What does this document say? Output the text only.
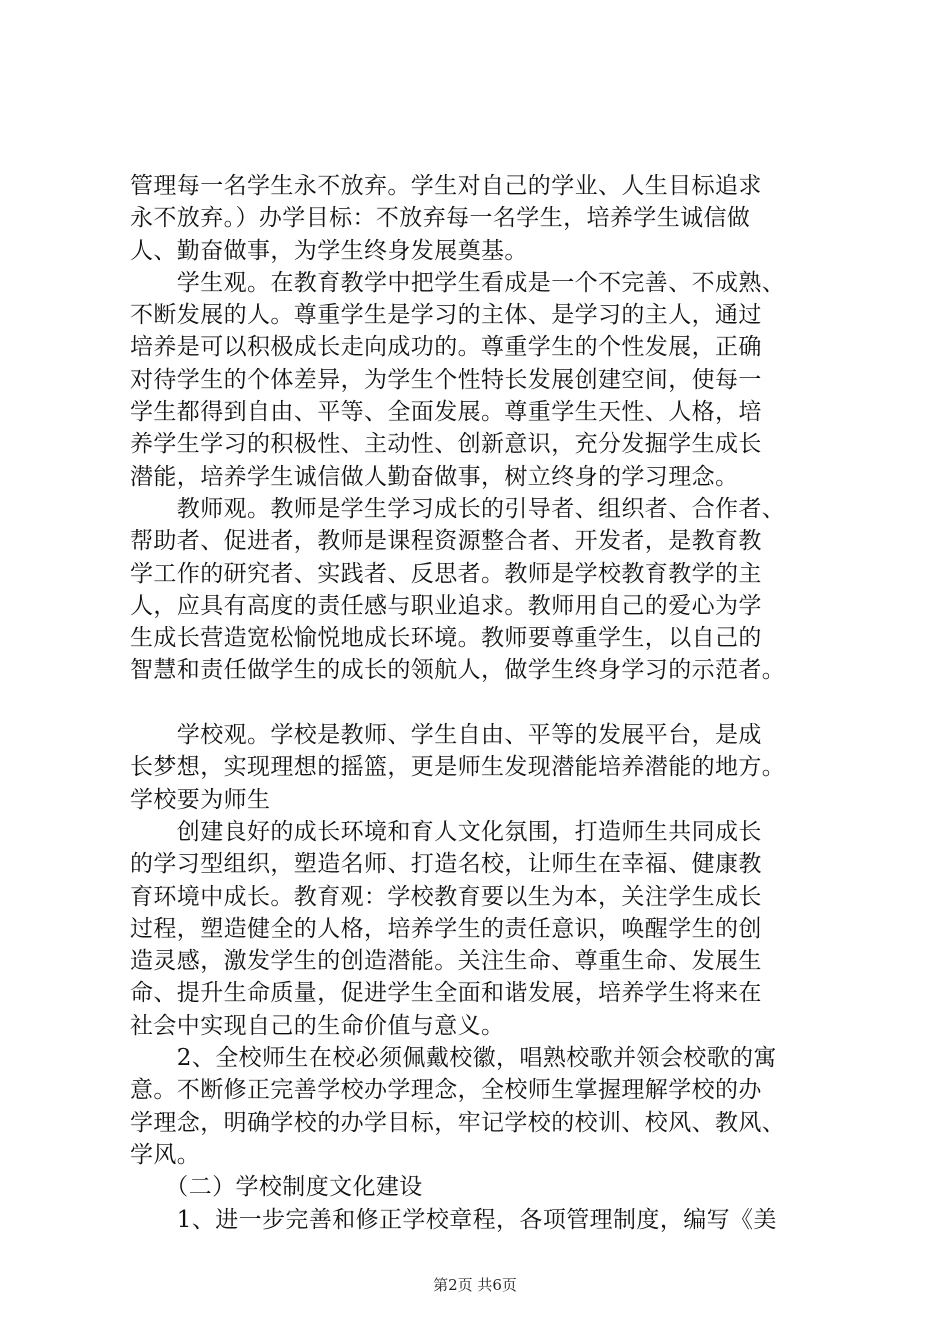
管理每一名学生永不放弃。学生对自己的学业、人生目标追求
永不放弃。）办学目标：不放弃每一名学生，培养学生诚信做
人、勤奋做事，为学生终身发展奠基。
　　学生观。在教育教学中把学生看成是一个不完善、不成熟、
不断发展的人。尊重学生是学习的主体、是学习的主人，通过
培养是可以积极成长走向成功的。尊重学生的个性发展，正确
对待学生的个体差异，为学生个性特长发展创建空间，使每一
学生都得到自由、平等、全面发展。尊重学生天性、人格，培
养学生学习的积极性、主动性、创新意识，充分发掘学生成长
潜能，培养学生诚信做人勤奋做事，树立终身的学习理念。
　　教师观。教师是学生学习成长的引导者、组织者、合作者、
帮助者、促进者，教师是课程资源整合者、开发者，是教育教
学工作的研究者、实践者、反思者。教师是学校教育教学的主
人，应具有高度的责任感与职业追求。教师用自己的爱心为学
生成长营造宽松愉悦地成长环境。教师要尊重学生，以自己的
智慧和责任做学生的成长的领航人，做学生终身学习的示范者。
　　学校观。学校是教师、学生自由、平等的发展平台，是成
长梦想，实现理想的摇篮，更是师生发现潜能培养潜能的地方。
学校要为师生
　　创建良好的成长环境和育人文化氛围，打造师生共同成长
的学习型组织，塑造名师、打造名校，让师生在幸福、健康教
育环境中成长。教育观：学校教育要以生为本，关注学生成长
过程，塑造健全的人格，培养学生的责任意识，唤醒学生的创
造灵感，激发学生的创造潜能。关注生命、尊重生命、发展生
命、提升生命质量，促进学生全面和谐发展，培养学生将来在
社会中实现自己的生命价值与意义。
　　2、全校师生在校必须佩戴校徽，唱熟校歌并领会校歌的寓
意。不断修正完善学校办学理念，全校师生掌握理解学校的办
学理念，明确学校的办学目标，牢记学校的校训、校风、教风、
学风。
　　（二）学校制度文化建设
　　1、进一步完善和修正学校章程，各项管理制度，编写《美
第2页 共6页
